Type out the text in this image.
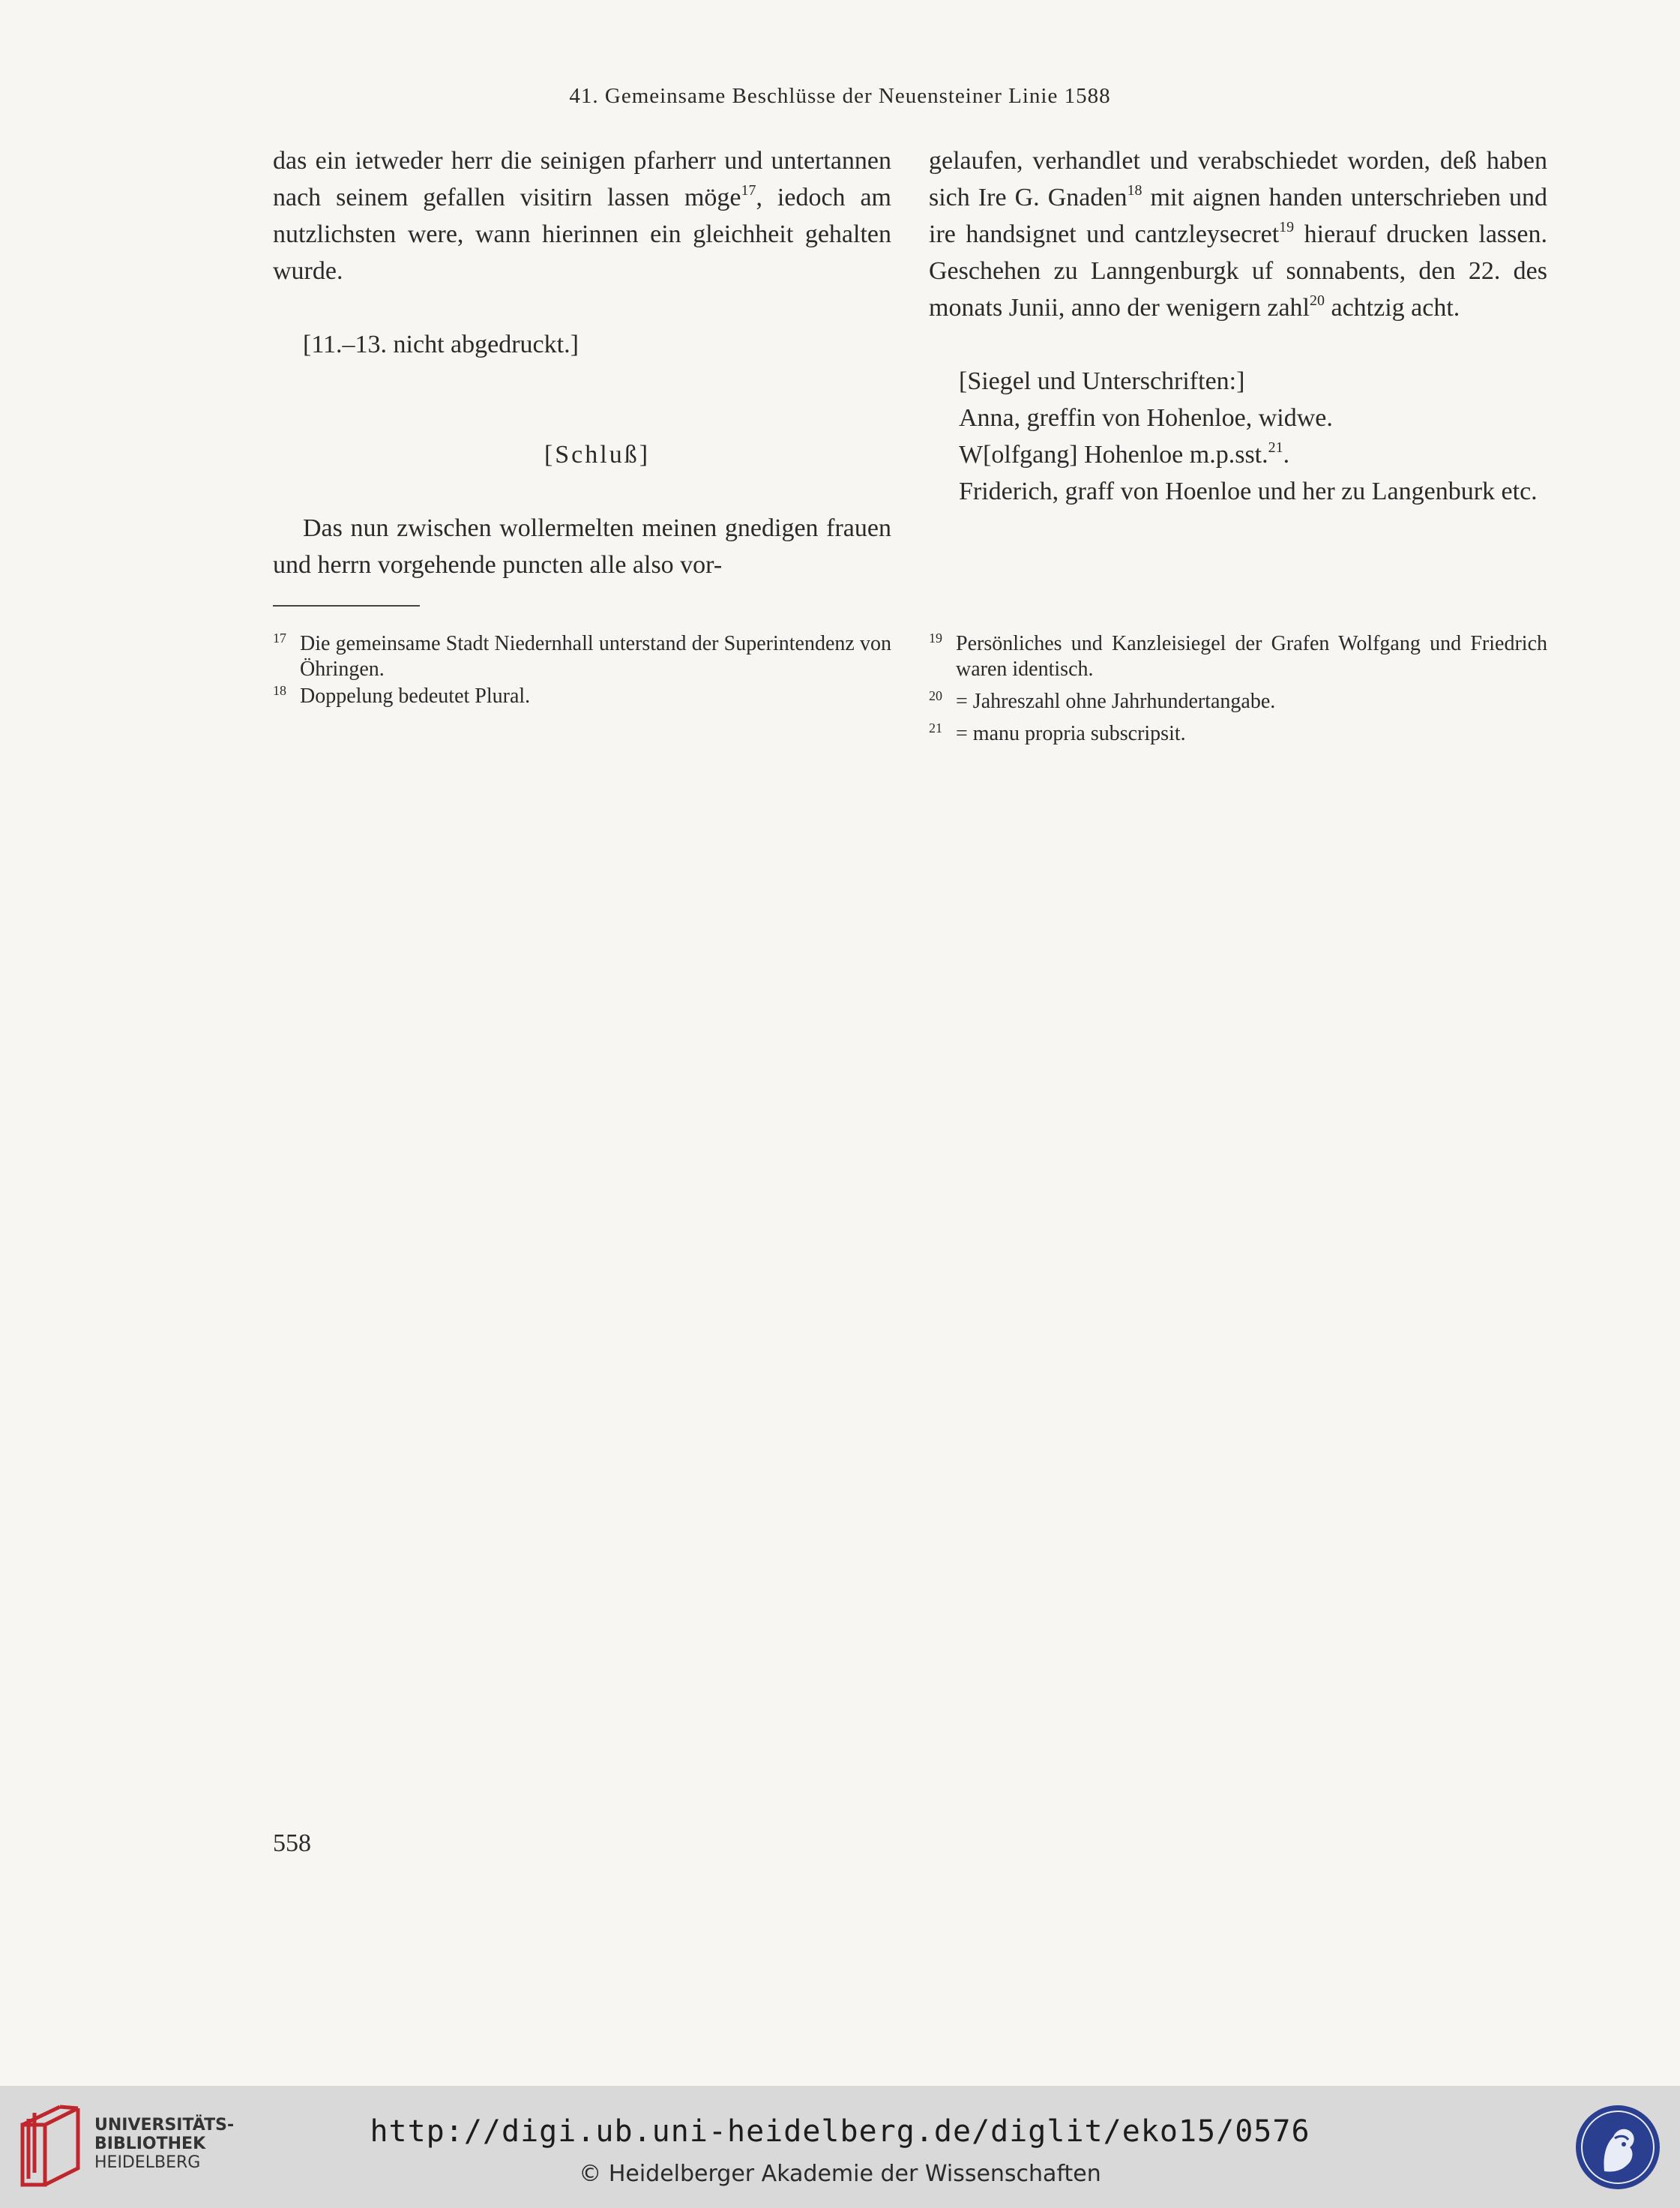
41. Gemeinsame Beschlüsse der Neuensteiner Linie 1588

das ein ietweder herr die seinigen pfarherr und untertannen nach seinem gefallen visitirn lassen möge$^{17}$, iedoch am nutzlichsten were, wann hierinnen ein gleichheit gehalten wurde.

[11.–13. nicht abgedruckt.]

[Schluß]

Das nun zwischen wollermelten meinen gnedigen frauen und herrn vorgehende puncten alle also vor-

gelaufen, verhandlet und verabschiedet worden, deß haben sich Ire G. Gnaden$^{18}$ mit aignen handen unterschrieben und ire handsignet und cantzleysecret$^{19}$ hierauf drucken lassen. Geschehen zu Lanngenburgk uf sonnabents, den 22. des monats Junii, anno der wenigern zahl$^{20}$ achtzig acht.

[Siegel und Unterschriften:]

Anna, greffin von Hohenloe, widwe.

W[olfgang] Hohenloe m.p.sst.$^{21}$.

Friderich, graff von Hoenloe und her zu Langenburk etc.

17 Die gemeinsame Stadt Niedernhall unterstand der Superintendenz von Öhringen.
18 Doppelung bedeutet Plural.
19 Persönliches und Kanzleisiegel der Grafen Wolfgang und Friedrich waren identisch.
20 = Jahreszahl ohne Jahrhundertangabe.
21 = manu propria subscripsit.
558
UNIVERSITÄTS-
BIBLIOTHEK
HEIDELBERG
http://digi.ub.uni-heidelberg.de/diglit/eko15/0576
© Heidelberger Akademie der Wissenschaften
